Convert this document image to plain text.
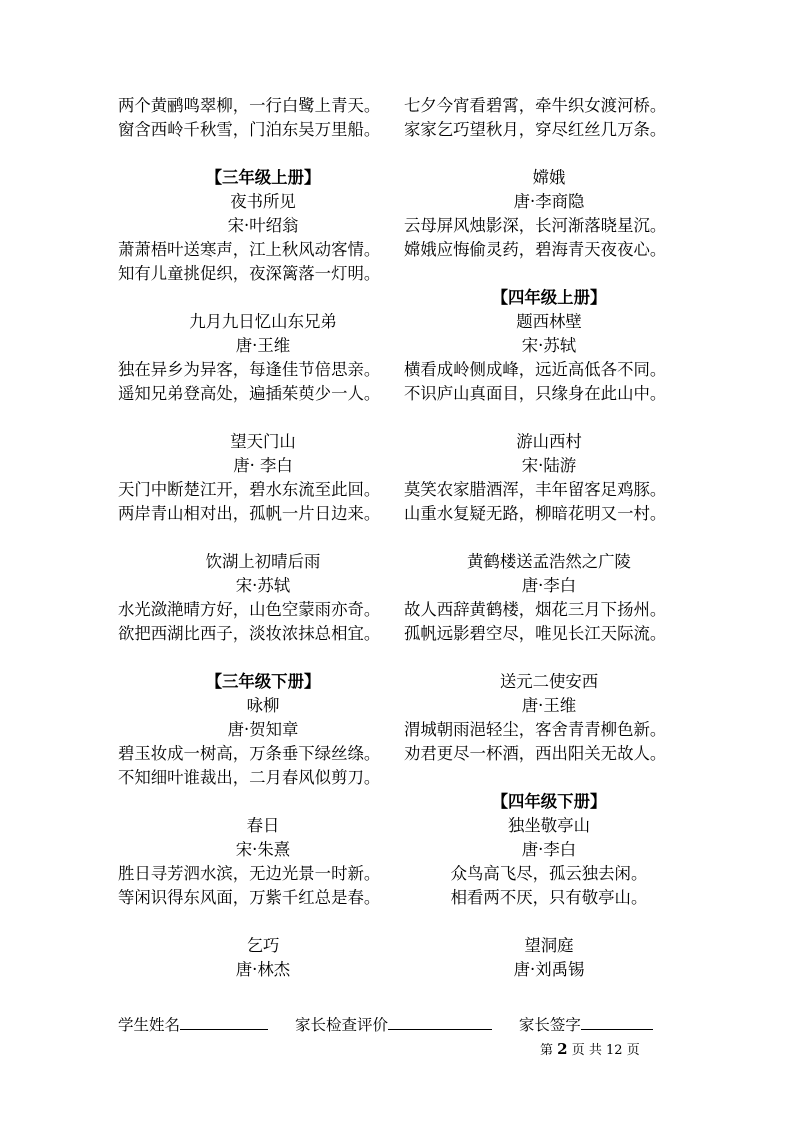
两个黄鹂鸣翠柳，一行白鹭上青天。
窗含西岭千秋雪，门泊东吴万里船。
【三年级上册】
夜书所见
宋·叶绍翁
萧萧梧叶送寒声，江上秋风动客情。
知有儿童挑促织，夜深篱落一灯明。
九月九日忆山东兄弟
唐·王维
独在异乡为异客，每逢佳节倍思亲。
遥知兄弟登高处，遍插茱萸少一人。
望天门山
唐· 李白
天门中断楚江开，碧水东流至此回。
两岸青山相对出，孤帆一片日边来。
饮湖上初晴后雨
宋·苏轼
水光潋滟晴方好，山色空蒙雨亦奇。
欲把西湖比西子，淡妆浓抹总相宜。
【三年级下册】
咏柳
唐·贺知章
碧玉妆成一树高，万条垂下绿丝绦。
不知细叶谁裁出，二月春风似剪刀。
春日
宋·朱熹
胜日寻芳泗水滨，无边光景一时新。
等闲识得东风面，万紫千红总是春。
乞巧
唐·林杰
七夕今宵看碧霄，牵牛织女渡河桥。
家家乞巧望秋月，穿尽红丝几万条。
嫦娥
唐·李商隐
云母屏风烛影深，长河渐落晓星沉。
嫦娥应悔偷灵药，碧海青天夜夜心。
【四年级上册】
题西林壁
宋·苏轼
横看成岭侧成峰，远近高低各不同。
不识庐山真面目，只缘身在此山中。
游山西村
宋·陆游
莫笑农家腊酒浑，丰年留客足鸡豚。
山重水复疑无路，柳暗花明又一村。
黄鹤楼送孟浩然之广陵
唐·李白
故人西辞黄鹤楼，烟花三月下扬州。
孤帆远影碧空尽，唯见长江天际流。
送元二使安西
唐·王维
渭城朝雨浥轻尘，客舍青青柳色新。
劝君更尽一杯酒，西出阳关无故人。
【四年级下册】
独坐敬亭山
唐·李白
众鸟高飞尽，孤云独去闲。
相看两不厌，只有敬亭山。
望洞庭
唐·刘禹锡
学生姓名	家长检查评价	家长签字
第 2 页 共 12 页
